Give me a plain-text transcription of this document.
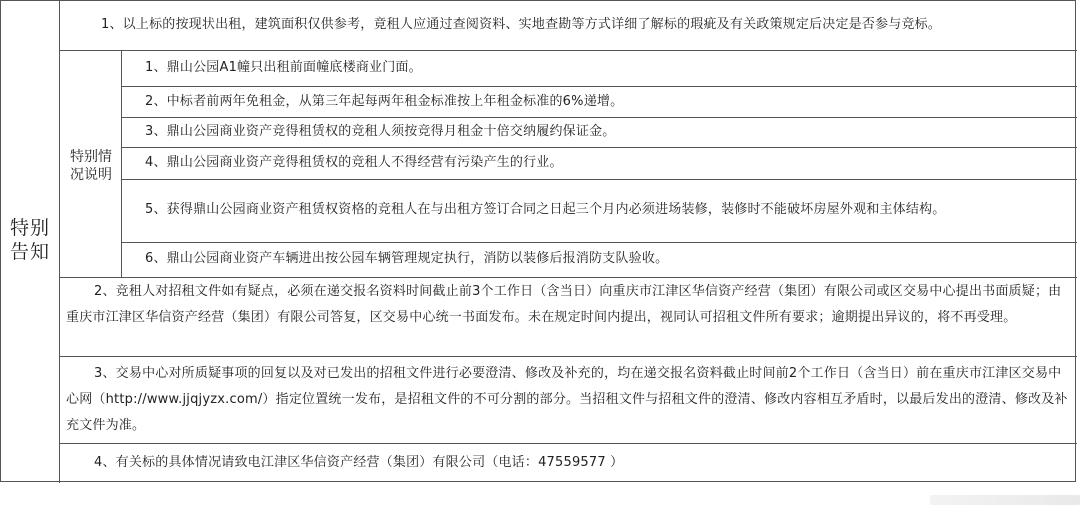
特别告知
1、以上标的按现状出租，建筑面积仅供参考，竟租人应通过查阅资料、实地查勘等方式详细了解标的瑕疵及有关政策规定后决定是否参与竞标。
特别情况说明
1、鼎山公园A1幢只出租前面幢底楼商业门面。
2、中标者前两年免租金，从第三年起每两年租金标准按上年租金标准的6%递增。
3、鼎山公园商业资产竞得租赁权的竞租人须按竞得月租金十倍交纳履约保证金。
4、鼎山公园商业资产竞得租赁权的竞租人不得经营有污染产生的行业。
5、获得鼎山公园商业资产租赁权资格的竞租人在与出租方签订合同之日起三个月内必须进场装修，装修时不能破坏房屋外观和主体结构。
6、鼎山公园商业资产车辆进出按公园车辆管理规定执行，消防以装修后报消防支队验收。
2、竞租人对招租文件如有疑点，必须在递交报名资料时间截止前3个工作日（含当日）向重庆市江津区华信资产经营（集团）有限公司或区交易中心提出书面质疑；由重庆市江津区华信资产经营（集团）有限公司答复，区交易中心统一书面发布。未在规定时间内提出，视同认可招租文件所有要求；逾期提出异议的，将不再受理。
3、交易中心对所质疑事项的回复以及对已发出的招租文件进行必要澄清、修改及补充的，均在递交报名资料截止时间前2个工作日（含当日）前在重庆市江津区交易中心网（http://www.jjqjyzx.com/）指定位置统一发布，是招租文件的不可分割的部分。当招租文件与招租文件的澄清、修改内容相互矛盾时，以最后发出的澄清、修改及补充文件为准。
4、有关标的具体情况请致电江津区华信资产经营（集团）有限公司（电话：47559577 ）
